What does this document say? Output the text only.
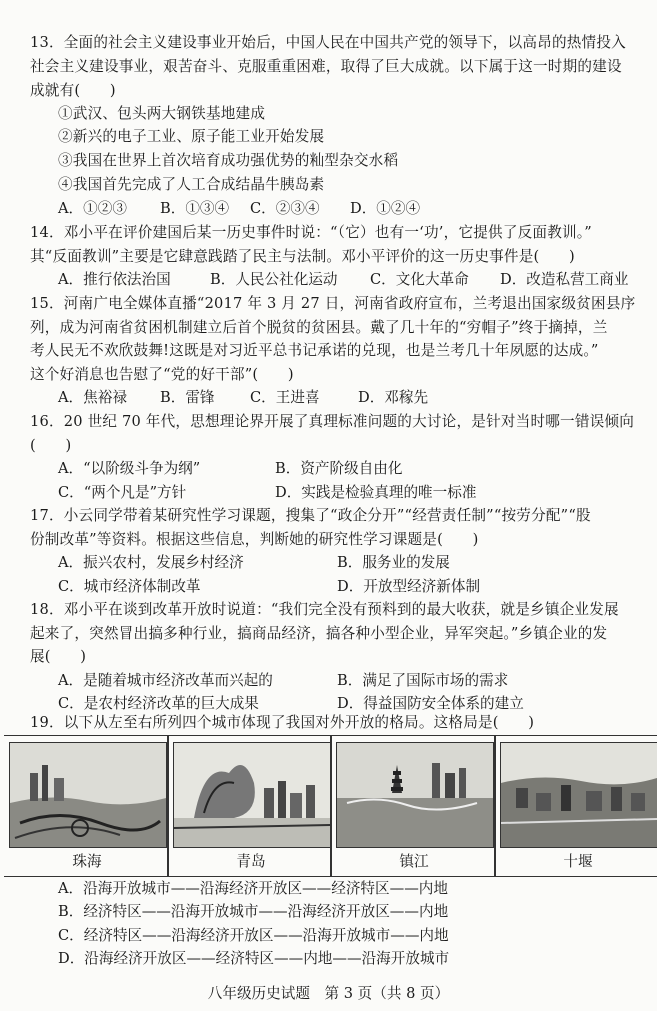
13．全面的社会主义建设事业开始后，中国人民在中国共产党的领导下，以高昂的热情投入
社会主义建设事业，艰苦奋斗、克服重重困难，取得了巨大成就。以下属于这一时期的建设
成就有(　　)
①武汉、包头两大钢铁基地建成
②新兴的电子工业、原子能工业开始发展
③我国在世界上首次培育成功强优势的籼型杂交水稻
④我国首先完成了人工合成结晶牛胰岛素
A．①②③ B．①③④ C．②③④ D．①②④
14．邓小平在评价建国后某一历史事件时说：“（它）也有一‘功’，它提供了反面教训。”
其“反面教训”主要是它肆意践踏了民主与法制。邓小平评价的这一历史事件是(　　)
A．推行依法治国	B．人民公社化运动 C．文化大革命 D．改造私营工商业
15．河南广电全媒体直播“2017 年 3 月 27 日，河南省政府宣布，兰考退出国家级贫困县序
列，成为河南省贫困机制建立后首个脱贫的贫困县。戴了几十年的“穷帽子”终于摘掉，兰
考人民无不欢欣鼓舞!这既是对习近平总书记承诺的兑现，也是兰考几十年夙愿的达成。”
这个好消息也告慰了“党的好干部”(　　)
A．焦裕禄 B．雷锋 C．王进喜	D．邓稼先
16．20 世纪 70 年代，思想理论界开展了真理标准问题的大讨论，是针对当时哪一错误倾向
(　　)
A．“以阶级斗争为纲”	B．资产阶级自由化
C．“两个凡是”方针	D．实践是检验真理的唯一标准
17．小云同学带着某研究性学习课题，搜集了“政企分开”“经营责任制”“按劳分配”“股
份制改革”等资料。根据这些信息，判断她的研究性学习课题是(　　)
A．振兴农村，发展乡村经济	B．服务业的发展
C．城市经济体制改革	D．开放型经济新体制
18．邓小平在谈到改革开放时说道：“我们完全没有预料到的最大收获，就是乡镇企业发展
起来了，突然冒出搞多种行业，搞商品经济，搞各种小型企业，异军突起。”乡镇企业的发
展(　　)
A．是随着城市经济改革而兴起的	B．满足了国际市场的需求
C．是农村经济改革的巨大成果	D．得益国防安全体系的建立
19．以下从左至右所列四个城市体现了我国对外开放的格局。这格局是(　　)
珠海	青岛	镇江	十堰
A．沿海开放城市——沿海经济开放区——经济特区——内地
B．经济特区——沿海开放城市——沿海经济开放区——内地
C．经济特区——沿海经济开放区——沿海开放城市——内地
D．沿海经济开放区——经济特区——内地——沿海开放城市
八年级历史试题　第 3 页（共 8 页）
